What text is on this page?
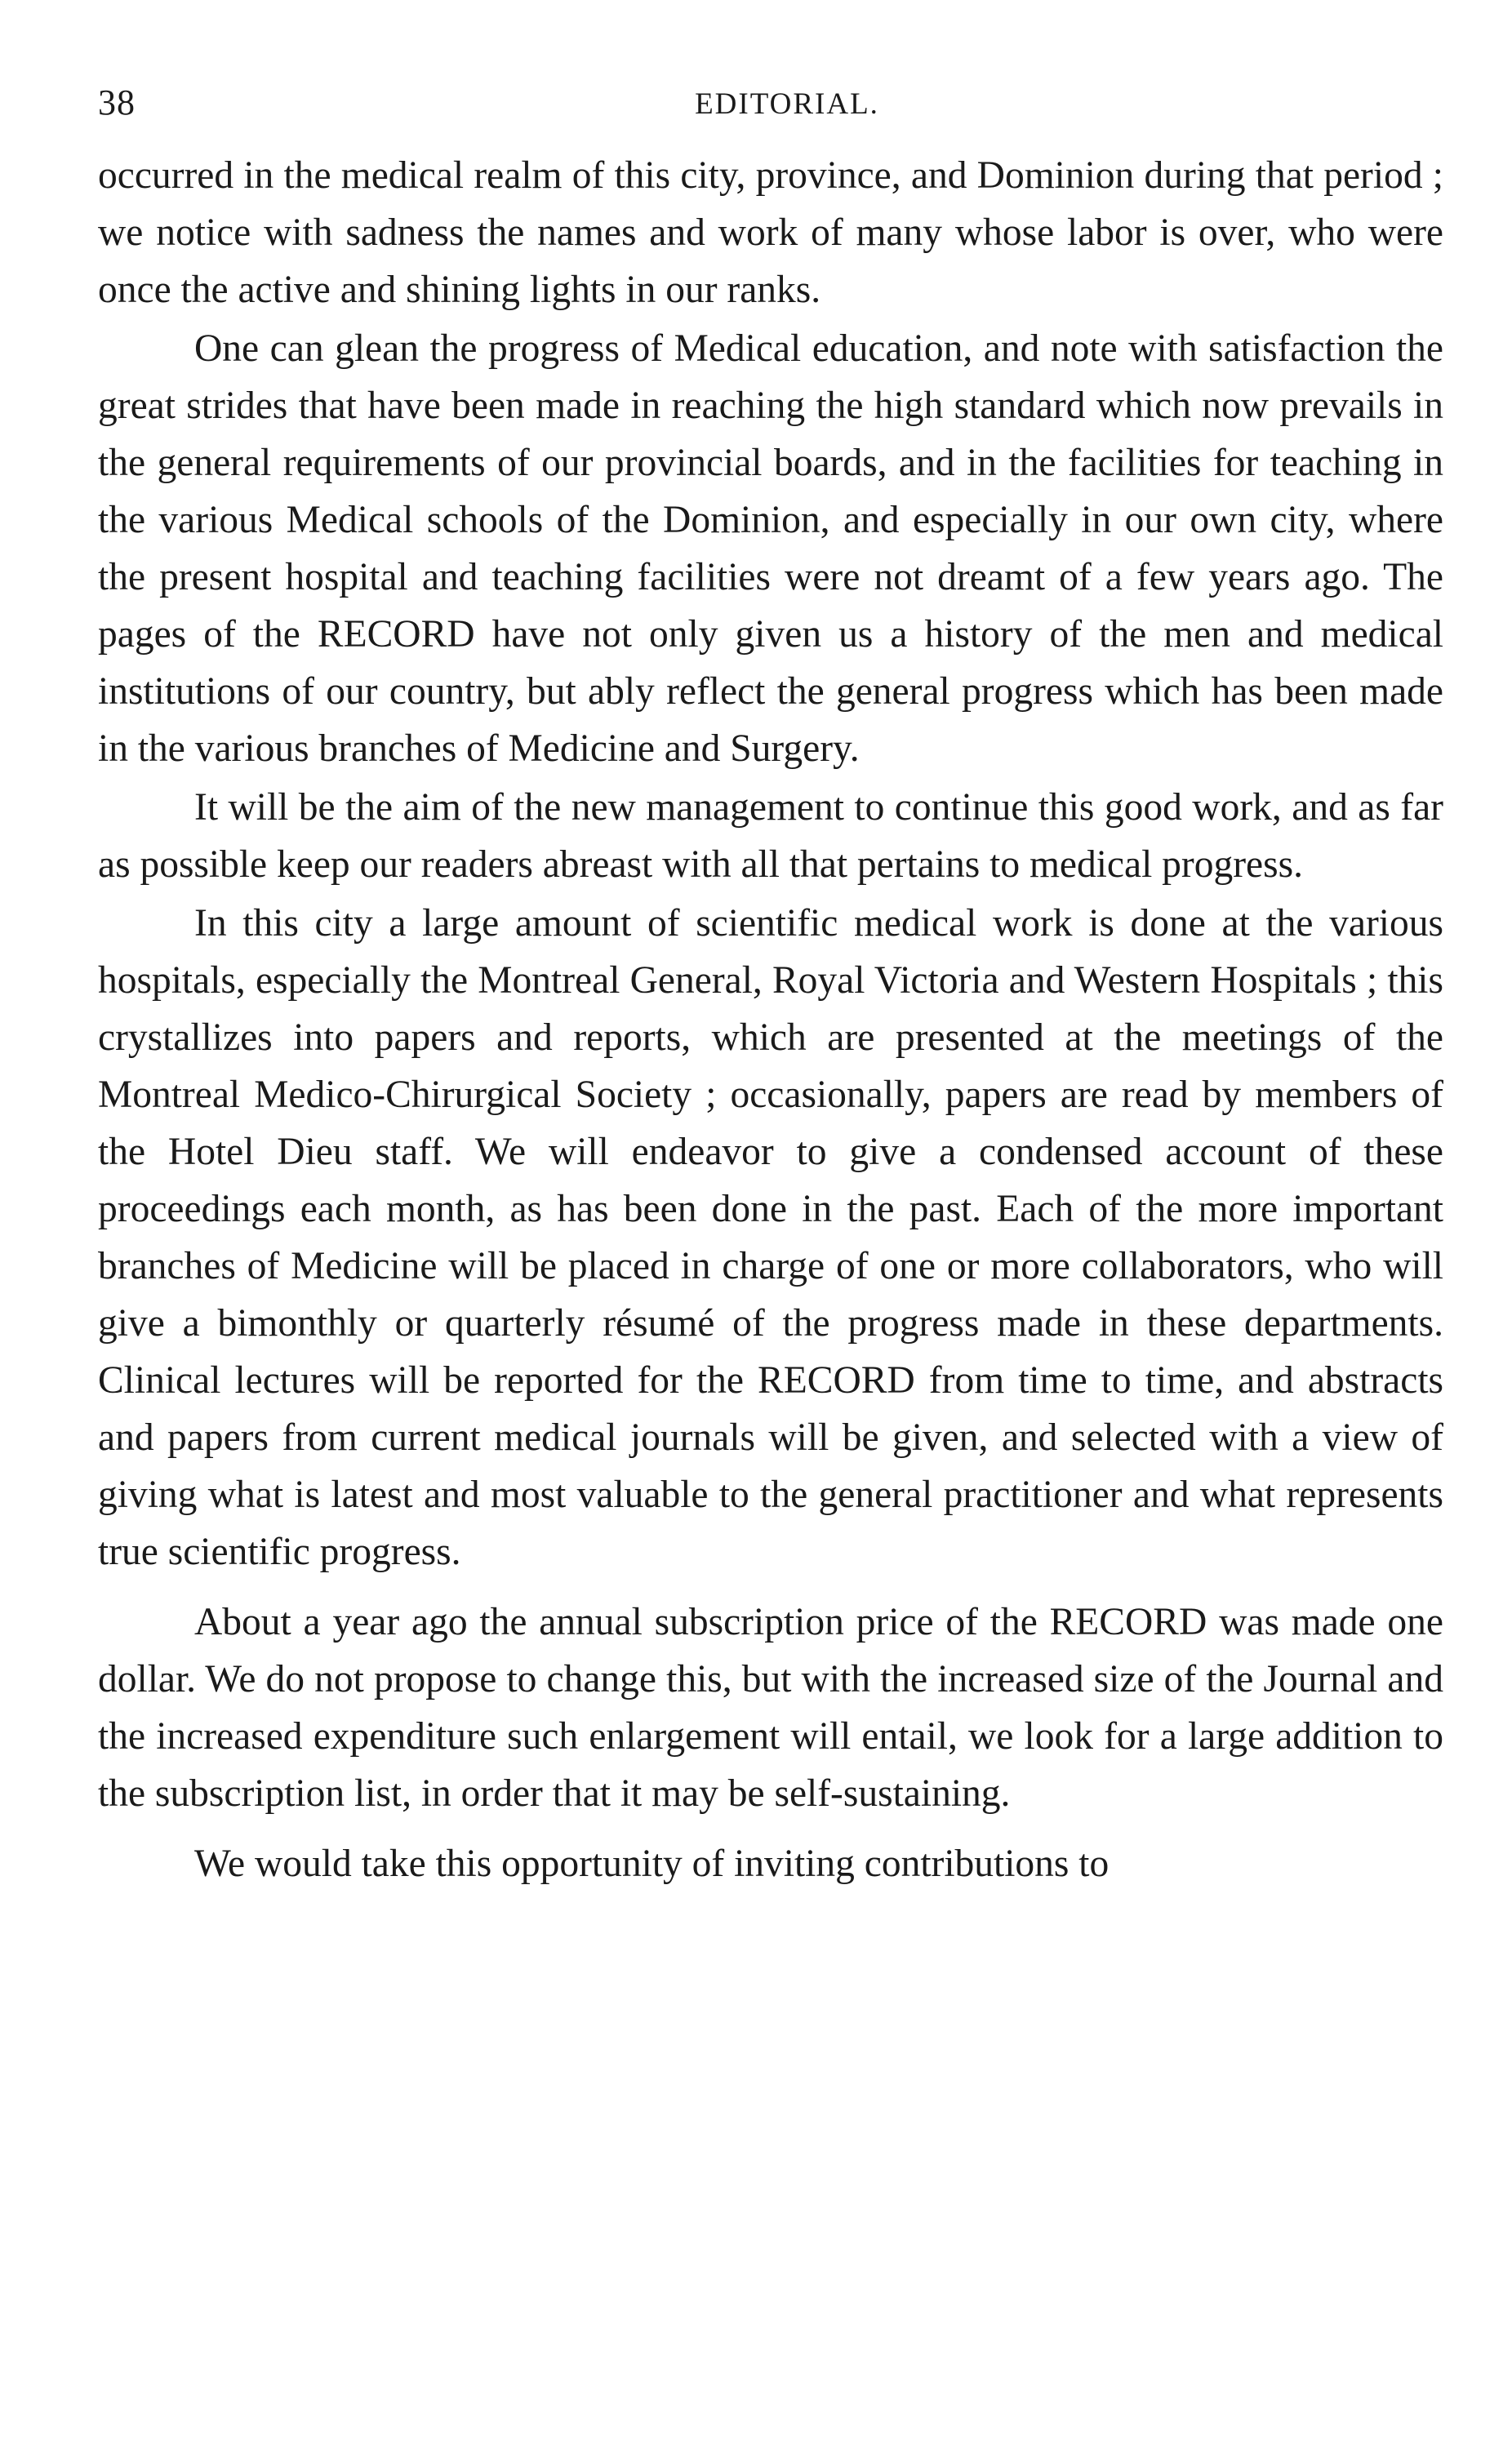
38	EDITORIAL.

occurred in the medical realm of this city, province, and Dominion during that period ; we notice with sadness the names and work of many whose labor is over, who were once the active and shining lights in our ranks.

One can glean the progress of Medical education, and note with satisfaction the great strides that have been made in reaching the high standard which now prevails in the general requirements of our provincial boards, and in the facilities for teaching in the various Medical schools of the Dominion, and especially in our own city, where the present hospital and teaching facilities were not dreamt of a few years ago. The pages of the RECORD have not only given us a history of the men and medical institutions of our country, but ably reflect the general progress which has been made in the various branches of Medicine and Surgery.

It will be the aim of the new management to continue this good work, and as far as possible keep our readers abreast with all that pertains to medical progress.

In this city a large amount of scientific medical work is done at the various hospitals, especially the Montreal General, Royal Victoria and Western Hospitals ; this crystallizes into papers and reports, which are presented at the meetings of the Montreal Medico-Chirurgical Society ; occasionally, papers are read by members of the Hotel Dieu staff. We will endeavor to give a condensed account of these proceedings each month, as has been done in the past. Each of the more important branches of Medicine will be placed in charge of one or more collaborators, who will give a bimonthly or quarterly résumé of the progress made in these departments. Clinical lectures will be reported for the RECORD from time to time, and abstracts and papers from current medical journals will be given, and selected with a view of giving what is latest and most valuable to the general practitioner and what represents true scientific progress.

About a year ago the annual subscription price of the RECORD was made one dollar. We do not propose to change this, but with the increased size of the Journal and the increased expenditure such enlargement will entail, we look for a large addition to the subscription list, in order that it may be self-sustaining.

We would take this opportunity of inviting contributions to
